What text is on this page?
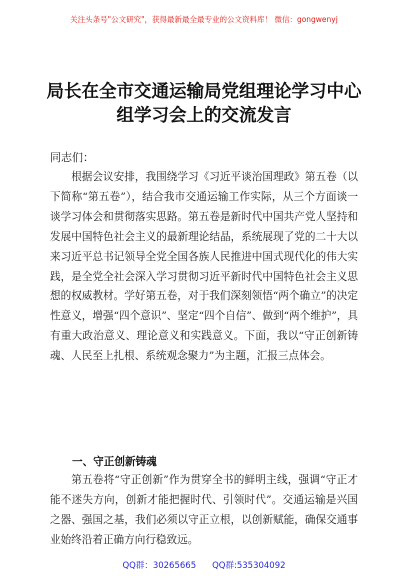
关注头条号"公文研究"，获得最新最全最专业的公文资料库！ 微信：gongwenyj
局长在全市交通运输局党组理论学习中心组学习会上的交流发言
同志们：

根据会议安排，我围绕学习《习近平谈治国理政》第五卷（以下简称“第五卷”），结合我市交通运输工作实际，从三个方面谈一谈学习体会和贯彻落实思路。第五卷是新时代中国共产党人坚持和发展中国特色社会主义的最新理论结晶，系统展现了党的二十大以来习近平总书记领导全党全国各族人民推进中国式现代化的伟大实践，是全党全社会深入学习贯彻习近平新时代中国特色社会主义思想的权威教材。学好第五卷，对于我们深刻领悟“两个确立”的决定性意义，增强“四个意识”、坚定“四个自信”、做到“两个维护”，具有重大政治意义、理论意义和实践意义。下面，我以“守正创新铸魂、人民至上扎根、系统观念聚力”为主题，汇报三点体会。

一、守正创新铸魂

第五卷将“守正创新”作为贯穿全书的鲜明主线，强调“守正才能不迷失方向，创新才能把握时代、引领时代”。交通运输是兴国之器、强国之基，我们必须以守正立根，以创新赋能，确保交通事业始终沿着正确方向行稳致远。

QQ群：30265665 QQ群:535304092
